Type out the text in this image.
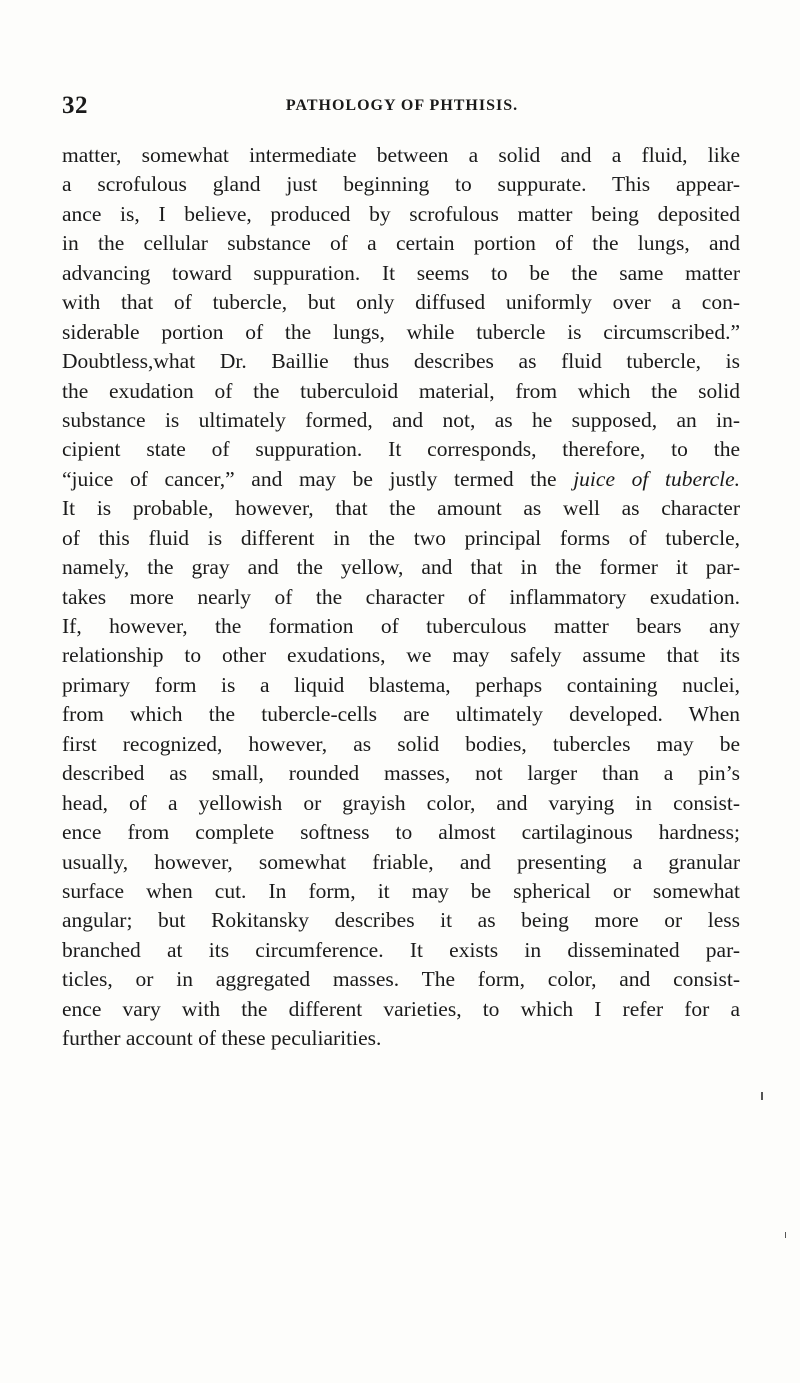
32	PATHOLOGY OF PHTHISIS.
matter, somewhat intermediate between a solid and a fluid, like
a scrofulous gland just beginning to suppurate. This appear-
ance is, I believe, produced by scrofulous matter being deposited
in the cellular substance of a certain portion of the lungs, and
advancing toward suppuration. It seems to be the same matter
with that of tubercle, but only diffused uniformly over a con-
siderable portion of the lungs, while tubercle is circumscribed.”
Doubtless,what Dr. Baillie thus describes as fluid tubercle, is
the exudation of the tuberculoid material, from which the solid
substance is ultimately formed, and not, as he supposed, an in-
cipient state of suppuration. It corresponds, therefore, to the
“juice of cancer,” and may be justly termed the juice of tubercle.
It is probable, however, that the amount as well as character
of this fluid is different in the two principal forms of tubercle,
namely, the gray and the yellow, and that in the former it par-
takes more nearly of the character of inflammatory exudation.
If, however, the formation of tuberculous matter bears any
relationship to other exudations, we may safely assume that its
primary form is a liquid blastema, perhaps containing nuclei,
from which the tubercle-cells are ultimately developed. When
first recognized, however, as solid bodies, tubercles may be
described as small, rounded masses, not larger than a pin’s
head, of a yellowish or grayish color, and varying in consist-
ence from complete softness to almost cartilaginous hardness;
usually, however, somewhat friable, and presenting a granular
surface when cut. In form, it may be spherical or somewhat
angular; but Rokitansky describes it as being more or less
branched at its circumference. It exists in disseminated par-
ticles, or in aggregated masses. The form, color, and consist-
ence vary with the different varieties, to which I refer for a
further account of these peculiarities.
